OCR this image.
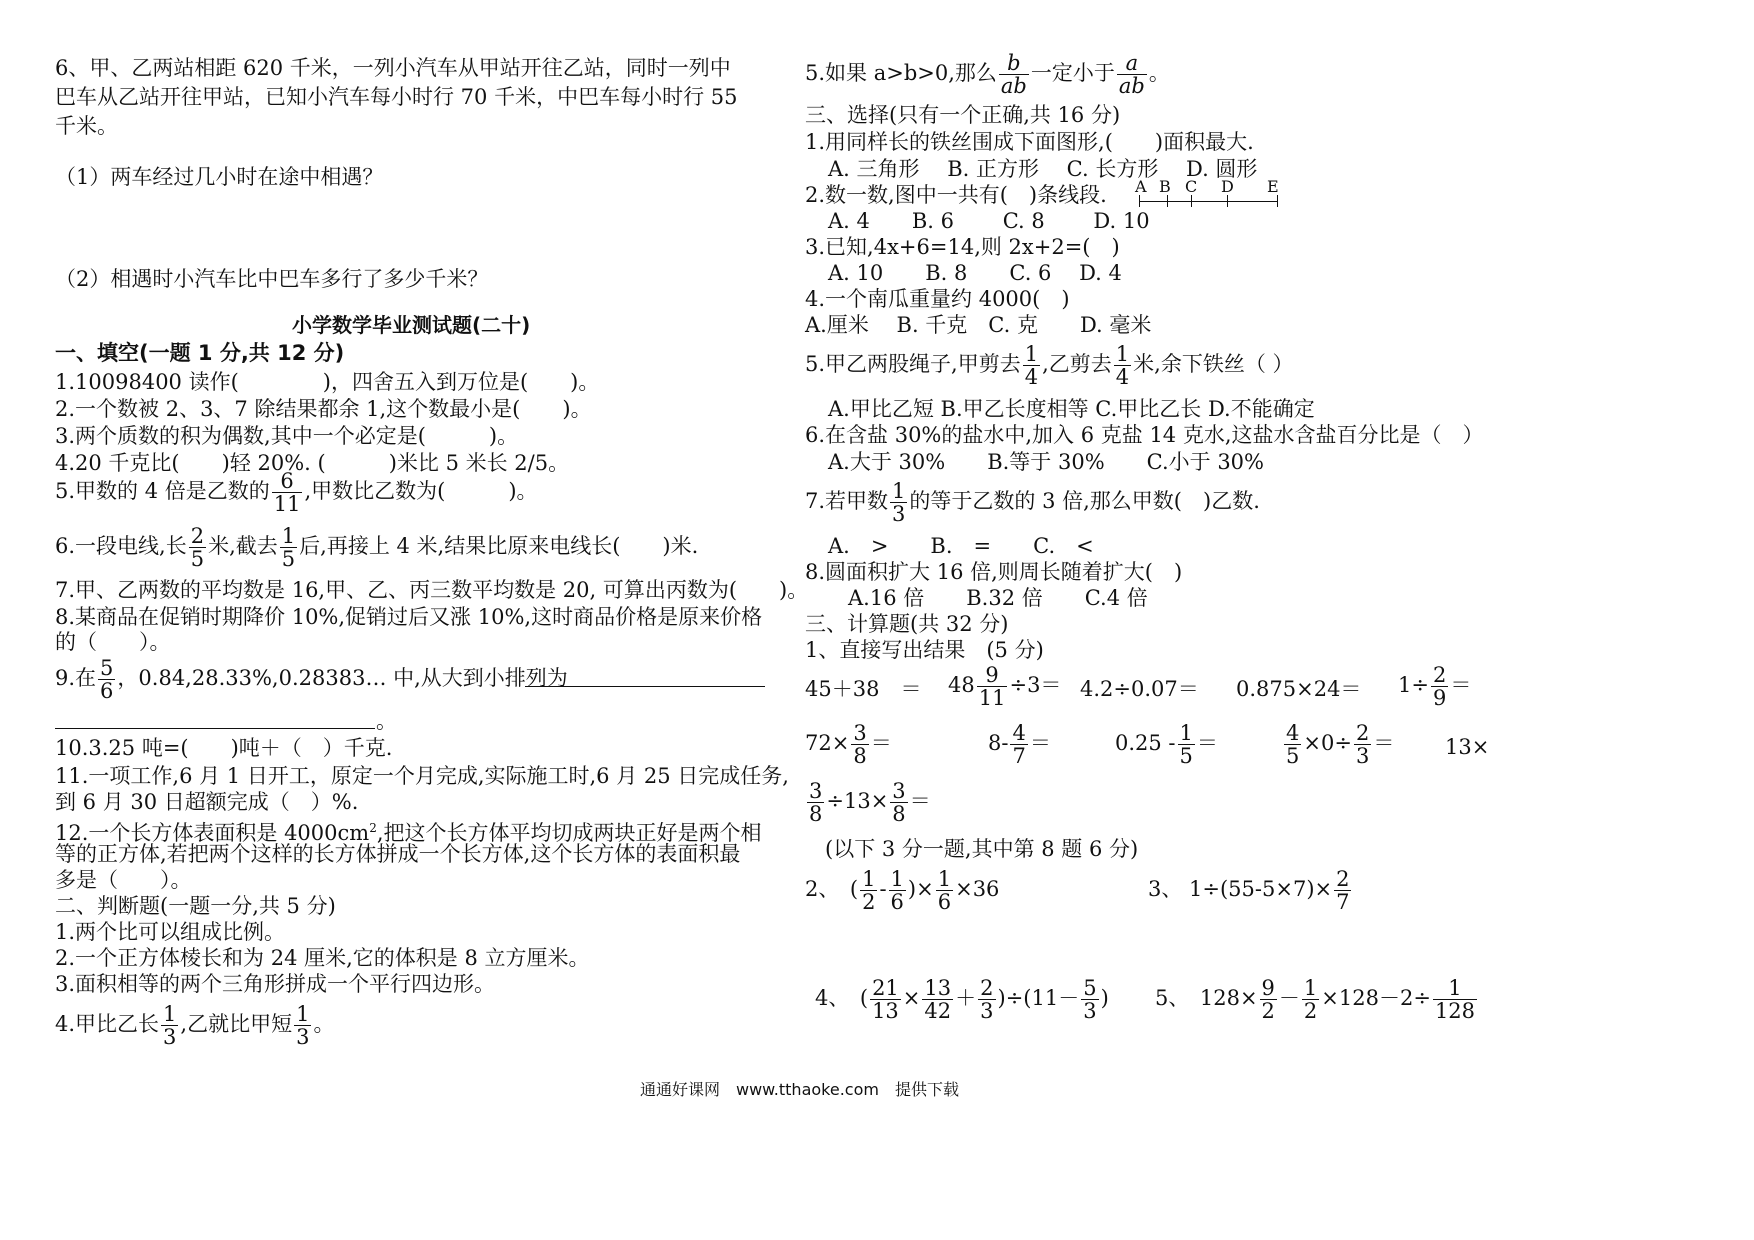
6、甲、乙两站相距 620 千米，一列小汽车从甲站开往乙站，同时一列中
巴车从乙站开往甲站，已知小汽车每小时行 70 千米，中巴车每小时行 55
千米。
（1）两车经过几小时在途中相遇？
（2）相遇时小汽车比中巴车多行了多少千米？
小学数学毕业测试题(二十)
一、填空(一题 1 分,共 12 分)
1.10098400 读作(　　　　)，四舍五入到万位是(　　)。
2.一个数被 2、3、7 除结果都余 1,这个数最小是(　　)。
3.两个质数的积为偶数,其中一个必定是(　　　)。
4.20 千克比(　　)轻 20%. (　　　)米比 5 米长 2/5。
5.甲数的 4 倍是乙数的 $\frac{6}{11}$ ,甲数比乙数为(　　　)。
6.一段电线,长 $\frac{2}{5}$ 米,截去 $\frac{1}{5}$ 后,再接上 4 米,结果比原来电线长(　　)米.
7.甲、乙两数的平均数是 16,甲、乙、丙三数平均数是 20, 可算出丙数为(　　)。
8.某商品在促销时期降价 10%,促销过后又涨 10%,这时商品价格是原来价格
的（　　）。
9.在 $\frac{5}{6}$ ，0.84,28.33%,0.28383… 中,从大到小排列为
。
10.3.25 吨=(　　)吨＋（　）千克.
11.一项工作,6 月 1 日开工，原定一个月完成,实际施工时,6 月 25 日完成任务,
到 6 月 30 日超额完成（　）%.
12.一个长方体表面积是 $4000cm^2$,把这个长方体平均切成两块正好是两个相
等的正方体,若把两个这样的长方体拼成一个长方体,这个长方体的表面积最
多是（　　）。
二、判断题(一题一分,共 5 分)
1.两个比可以组成比例。
2.一个正方体棱长和为 24 厘米,它的体积是 8 立方厘米。
3.面积相等的两个三角形拼成一个平行四边形。
4.甲比乙长 $\frac{1}{3}$ ,乙就比甲短 $\frac{1}{3}$ 。
5.如果 a>b>0,那么 $\frac{b}{ab}$ 一定小于 $\frac{a}{ab}$ 。
三、选择(只有一个正确,共 16 分)
1.用同样长的铁丝围成下面图形,(　　)面积最大.
A. 三角形　 B. 正方形　 C. 长方形　 D. 圆形
2.数一数,图中一共有(　)条线段. A B C D E
A. 4　　B. 6　　 C. 8　　 D. 10
3.已知,4x+6=14,则 2x+2=(　)
A. 10　　B. 8　　C. 6　 D. 4
4.一个南瓜重量约 4000(　)
A.厘米　 B. 千克　C. 克　　D. 毫米
5.甲乙两股绳子,甲剪去 $\frac{1}{4}$ ,乙剪去 $\frac{1}{4}$ 米,余下铁丝（ ）
A.甲比乙短 B.甲乙长度相等 C.甲比乙长 D.不能确定
6.在含盐 30%的盐水中,加入 6 克盐 14 克水,这盐水含盐百分比是（　）
A.大于 30%　　B.等于 30%　　C.小于 30%
7.若甲数 $\frac{1}{3}$ 的等于乙数的 3 倍,那么甲数(　)乙数.
A.　>　　B.　=　　C.　<
8.圆面积扩大 16 倍,则周长随着扩大(　)
A.16 倍　　B.32 倍　　C.4 倍
三、计算题(共 32 分)
1、直接写出结果　(5 分)
45＋38　＝ $48 \frac{9}{11} \div 3= 4.2\div 0.07= 0.875\times 24= 1\div \frac{2}{9}$ ＝
$72\times \frac{3}{8}$ ＝	$8- \frac{4}{7}$ ＝	$0.25 - \frac{1}{5}$ ＝	$\frac{4}{5} \times 0\div \frac{2}{3} = 13\times$
$\frac{3}{8} \div 13\times \frac{3}{8}$ ＝
(以下 3 分一题,其中第 8 题 6 分)
2、　( $\frac{1}{2} - \frac{1}{6}$ )× $\frac{1}{6} \times 36$	3、 $1\div(55-5\times 7)\times \frac{2}{7}$
4、　( $\frac{21}{13} \times \frac{13}{42} + \frac{2}{3} )\div(11- \frac{5}{3}$ ) 5、　$128\times \frac{9}{2} - \frac{1}{2} \times 128-2\div \frac{1}{128}$
通通好课网　www.tthaoke.com　提供下载
